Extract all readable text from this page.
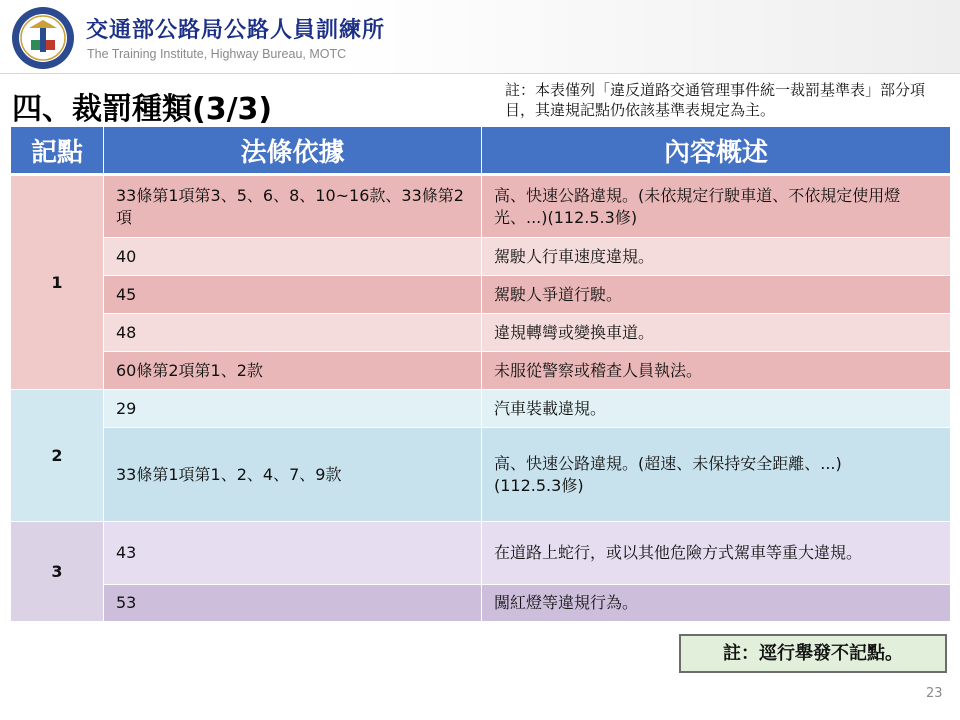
交通部公路局公路人員訓練所
The Training Institute, Highway Bureau, MOTC
四、裁罰種類(3/3)
註：本表僅列「違反道路交通管理事件統一裁罰基準表」部分項目，其違規記點仍依該基準表規定為主。
記點	法條依據	內容概述
1	33條第1項第3、5、6、8、10~16款、33條第2項	高、快速公路違規。(未依規定行駛車道、不依規定使用燈光、...)(112.5.3修)
	40	駕駛人行車速度違規。
	45	駕駛人爭道行駛。
	48	違規轉彎或變換車道。
	60條第2項第1、2款	未服從警察或稽查人員執法。
2	29	汽車裝載違規。
	33條第1項第1、2、4、7、9款	高、快速公路違規。(超速、未保持安全距離、...)
(112.5.3修)

3	43	在道路上蛇行，或以其他危險方式駕車等重大違規。
	53	闖紅燈等違規行為。
註：逕行舉發不記點。
23
